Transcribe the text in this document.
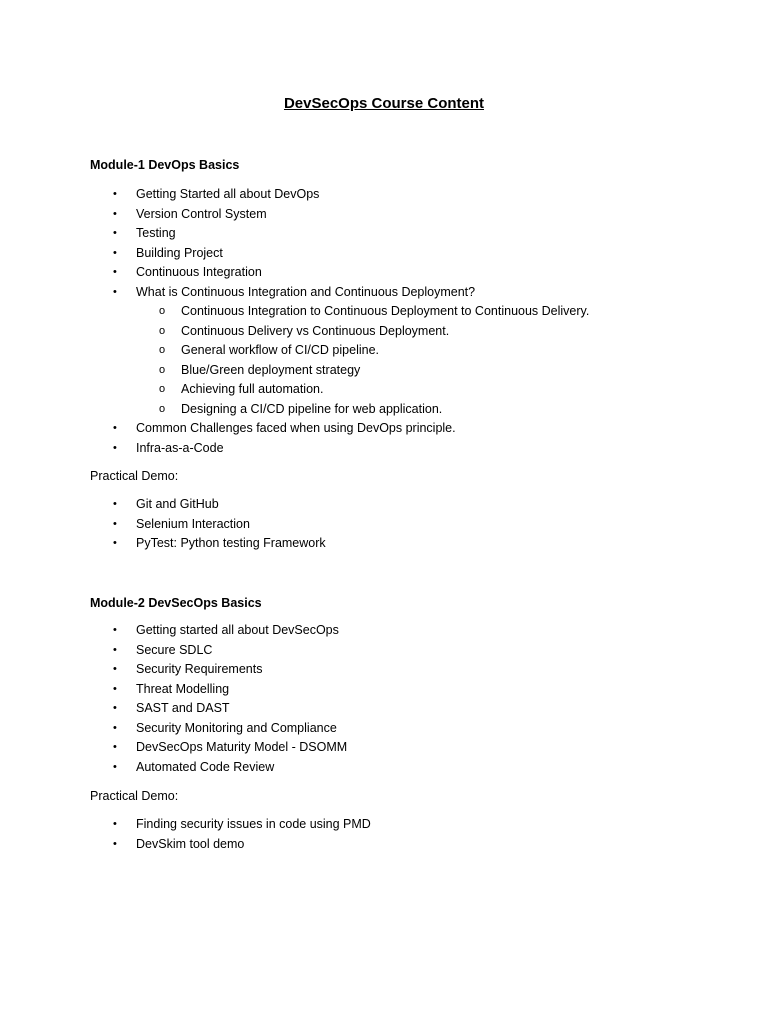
DevSecOps Course Content
Module-1 DevOps Basics
• Getting Started all about DevOps
• Version Control System
• Testing
• Building Project
• Continuous Integration
• What is Continuous Integration and Continuous Deployment?
o Continuous Integration to Continuous Deployment to Continuous Delivery.
o Continuous Delivery vs Continuous Deployment.
o General workflow of CI/CD pipeline.
o Blue/Green deployment strategy
o Achieving full automation.
o Designing a CI/CD pipeline for web application.
• Common Challenges faced when using DevOps principle.
• Infra-as-a-Code
Practical Demo:
• Git and GitHub
• Selenium Interaction
• PyTest: Python testing Framework
Module-2 DevSecOps Basics
• Getting started all about DevSecOps
• Secure SDLC
• Security Requirements
• Threat Modelling
• SAST and DAST
• Security Monitoring and Compliance
• DevSecOps Maturity Model - DSOMM
• Automated Code Review
Practical Demo:
• Finding security issues in code using PMD
• DevSkim tool demo
